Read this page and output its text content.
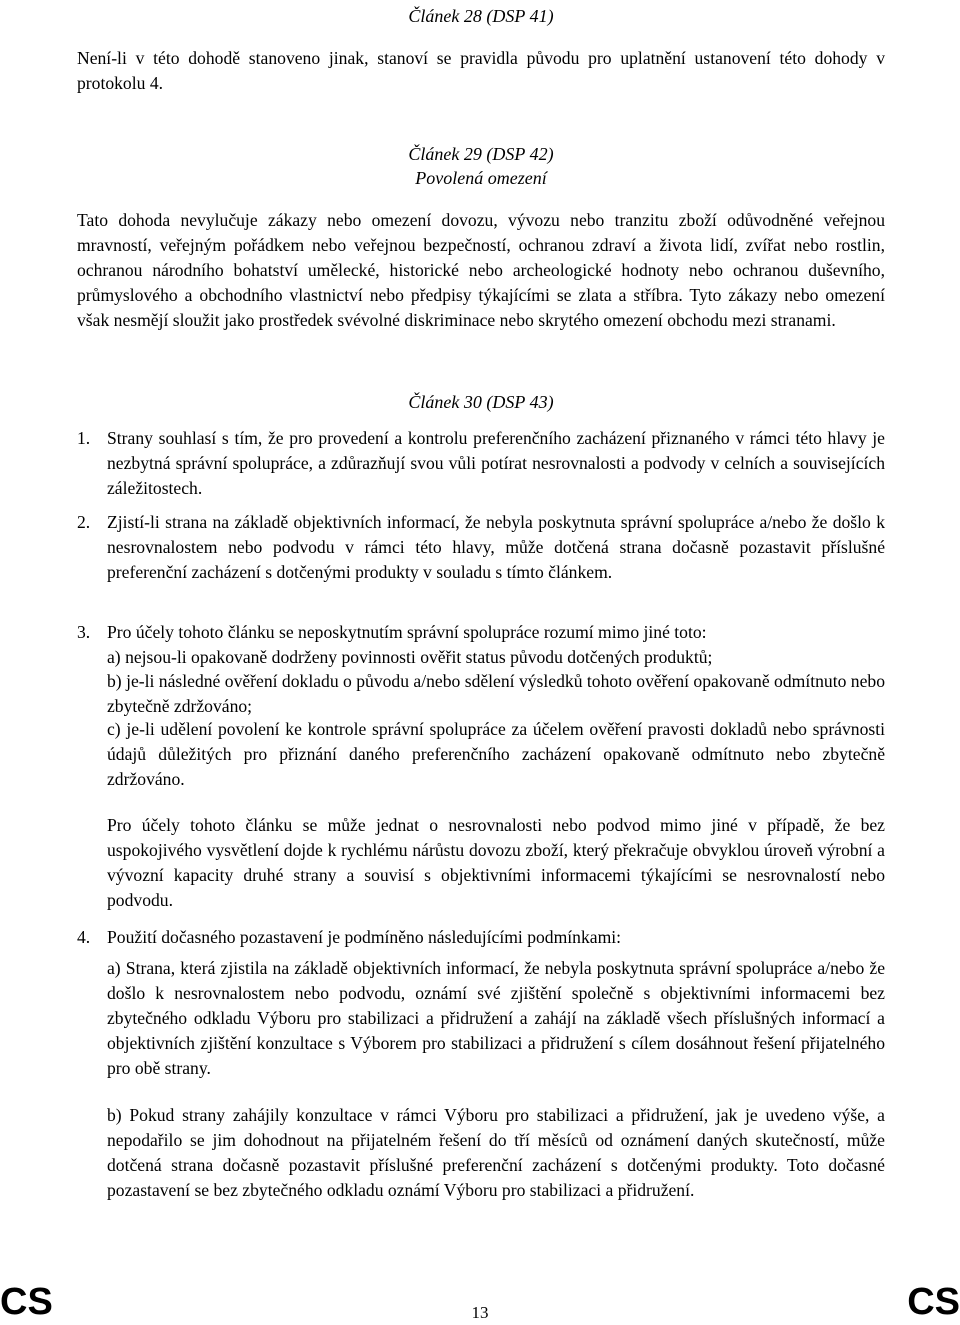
Článek 28 (DSP 41)

Není-li v této dohodě stanoveno jinak, stanoví se pravidla původu pro uplatnění ustanovení této dohody v protokolu 4.

Článek 29 (DSP 42)
Povolená omezení

Tato dohoda nevylučuje zákazy nebo omezení dovozu, vývozu nebo tranzitu zboží odůvodněné veřejnou mravností, veřejným pořádkem nebo veřejnou bezpečností, ochranou zdraví a života lidí, zvířat nebo rostlin, ochranou národního bohatství umělecké, historické nebo archeologické hodnoty nebo ochranou duševního, průmyslového a obchodního vlastnictví nebo předpisy týkajícími se zlata a stříbra. Tyto zákazy nebo omezení však nesmějí sloužit jako prostředek svévolné diskriminace nebo skrytého omezení obchodu mezi stranami.

Článek 30 (DSP 43)
1. Strany souhlasí s tím, že pro provedení a kontrolu preferenčního zacházení přiznaného v rámci této hlavy je nezbytná správní spolupráce, a zdůrazňují svou vůli potírat nesrovnalosti a podvody v celních a souvisejících záležitostech.

2. Zjistí-li strana na základě objektivních informací, že nebyla poskytnuta správní spolupráce a/nebo že došlo k nesrovnalostem nebo podvodu v rámci této hlavy, může dotčená strana dočasně pozastavit příslušné preferenční zacházení s dotčenými produkty v souladu s tímto článkem.

3. Pro účely tohoto článku se neposkytnutím správní spolupráce rozumí mimo jiné toto:

a) nejsou-li opakovaně dodrženy povinnosti ověřit status původu dotčených produktů;

b) je-li následné ověření dokladu o původu a/nebo sdělení výsledků tohoto ověření opakovaně odmítnuto nebo zbytečně zdržováno;

c) je-li udělení povolení ke kontrole správní spolupráce za účelem ověření pravosti dokladů nebo správnosti údajů důležitých pro přiznání daného preferenčního zacházení opakovaně odmítnuto nebo zbytečně zdržováno.

Pro účely tohoto článku se může jednat o nesrovnalosti nebo podvod mimo jiné v případě, že bez uspokojivého vysvětlení dojde k rychlému nárůstu dovozu zboží, který překračuje obvyklou úroveň výrobní a vývozní kapacity druhé strany a souvisí s objektivními informacemi týkajícími se nesrovnalostí nebo podvodu.

4. Použití dočasného pozastavení je podmíněno následujícími podmínkami:

a) Strana, která zjistila na základě objektivních informací, že nebyla poskytnuta správní spolupráce a/nebo že došlo k nesrovnalostem nebo podvodu, oznámí své zjištění společně s objektivními informacemi bez zbytečného odkladu Výboru pro stabilizaci a přidružení a zahájí na základě všech příslušných informací a objektivních zjištění konzultace s Výborem pro stabilizaci a přidružení s cílem dosáhnout řešení přijatelného pro obě strany.

b) Pokud strany zahájily konzultace v rámci Výboru pro stabilizaci a přidružení, jak je uvedeno výše, a nepodařilo se jim dohodnout na přijatelném řešení do tří měsíců od oznámení daných skutečností, může dotčená strana dočasně pozastavit příslušné preferenční zacházení s dotčenými produkty. Toto dočasné pozastavení se bez zbytečného odkladu oznámí Výboru pro stabilizaci a přidružení.

CS	13	CS
